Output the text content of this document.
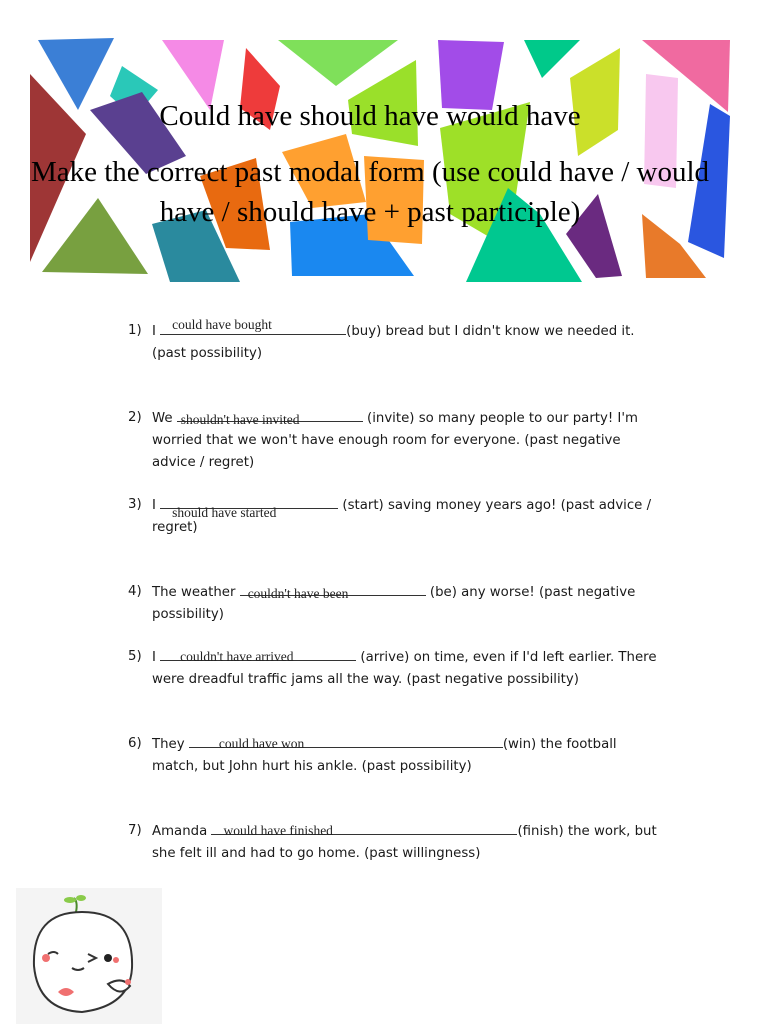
Could have should have would have
Make the correct past modal form (use could have / would have / should have + past participle)
1) I could have bought	(buy) bread but I didn't know we needed it. (past possibility)
2) We shouldn't have invited	(invite) so many people to our party! I'm worried that we won't have enough room for everyone. (past negative advice / regret)
3) I should have started	(start) saving money years ago! (past advice / regret)
4) The weather couldn't have been	(be) any worse! (past negative possibility)
5) I couldn't have arrived	(arrive) on time, even if I'd left earlier. There were dreadful traffic jams all the way. (past negative possibility)
6) They could have won	(win) the football match, but John hurt his ankle. (past possibility)
7) Amanda would have finished	(finish) the work, but she felt ill and had to go home. (past willingness)
